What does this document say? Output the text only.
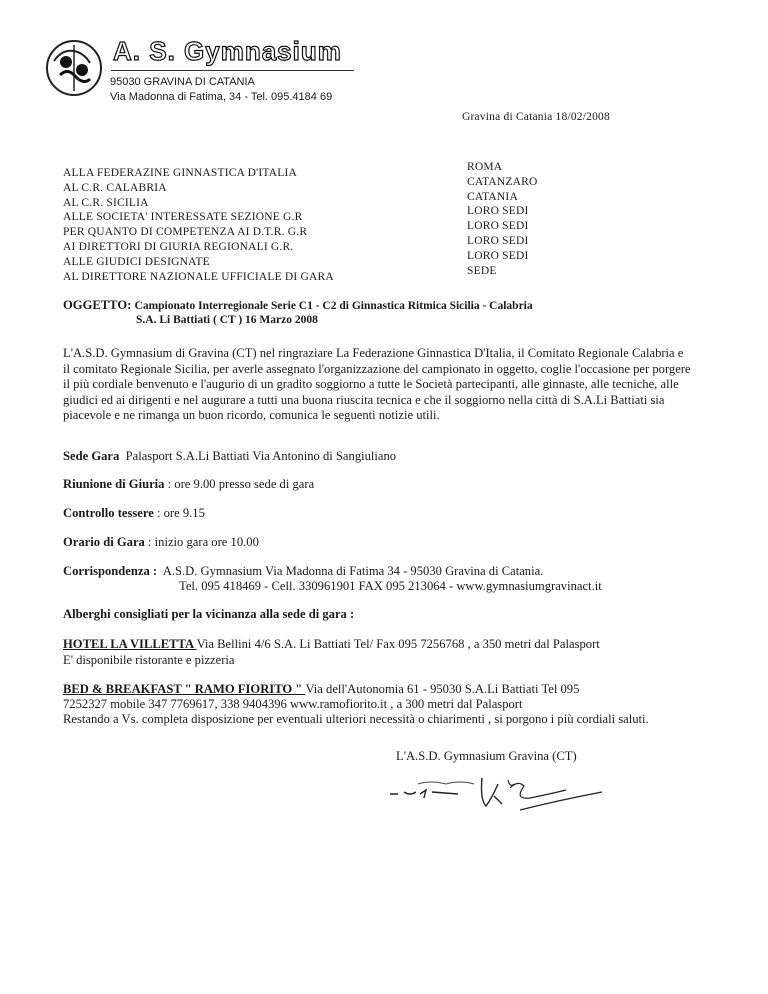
A. S. Gymnasium
95030 GRAVINA DI CATANIA
Via Madonna di Fatima, 34 - Tel. 095.4184 69
Gravina di Catania 18/02/2008
ALLA FEDERAZINE GINNASTICA D'ITALIA
AL C.R. CALABRIA
AL C.R. SICILIA
ALLE SOCIETA' INTERESSATE SEZIONE G.R
PER QUANTO DI COMPETENZA AI D.T.R. G.R
AI DIRETTORI DI GIURIA REGIONALI G.R.
ALLE GIUDICI DESIGNATE
AL DIRETTORE NAZIONALE UFFICIALE DI GARA
ROMA
CATANZARO
CATANIA
LORO SEDI
LORO SEDI
LORO SEDI
LORO SEDI
SEDE
OGGETTO: Campionato Interregionale Serie C1 - C2 di Ginnastica Ritmica Sicilia - Calabria
S.A. Li Battiati ( CT ) 16 Marzo 2008
L'A.S.D. Gymnasium di Gravina (CT) nel ringraziare La Federazione Ginnastica D'Italia, il Comitato Regionale Calabria e il comitato Regionale Sicilia, per averle assegnato l'organizzazione del campionato in oggetto, coglie l'occasione per porgere il più cordiale benvenuto e l'augurio di un gradito soggiorno a tutte le Società partecipanti, alle ginnaste, alle tecniche, alle giudici ed ai dirigenti e nel augurare a tutti una buona riuscita tecnica e che il soggiorno nella città di S.A.Li Battiati sia piacevole e ne rimanga un buon ricordo, comunica le seguenti notizie utili.
Sede Gara Palasport S.A.Li Battiati Via Antonino di Sangiuliano
Riunione di Giuria : ore 9.00 presso sede di gara
Controllo tessere : ore 9.15
Orario di Gara : inizio gara ore 10.00
Corrispondenza : A.S.D. Gymnasium Via Madonna di Fatima 34 - 95030 Gravina di Catania.
Tel. 095 418469 - Cell. 330961901 FAX 095 213064 - www.gymnasiumgravinact.it
Alberghi consigliati per la vicinanza alla sede di gara :
HOTEL LA VILLETTA Via Bellini 4/6 S.A. Li Battiati Tel/ Fax 095 7256768 , a 350 metri dal Palasport
E' disponibile ristorante e pizzeria
BED & BREAKFAST " RAMO FIORITO " Via dell'Autonomia 61 - 95030 S.A.Li Battiati Tel 095
7252327 mobile 347 7769617, 338 9404396 www.ramofiorito.it , a 300 metri dal Palasport
Restando a Vs. completa disposizione per eventuali ulteriori necessità o chiarimenti , si porgono i più cordiali saluti.
L'A.S.D. Gymnasium Gravina (CT)
